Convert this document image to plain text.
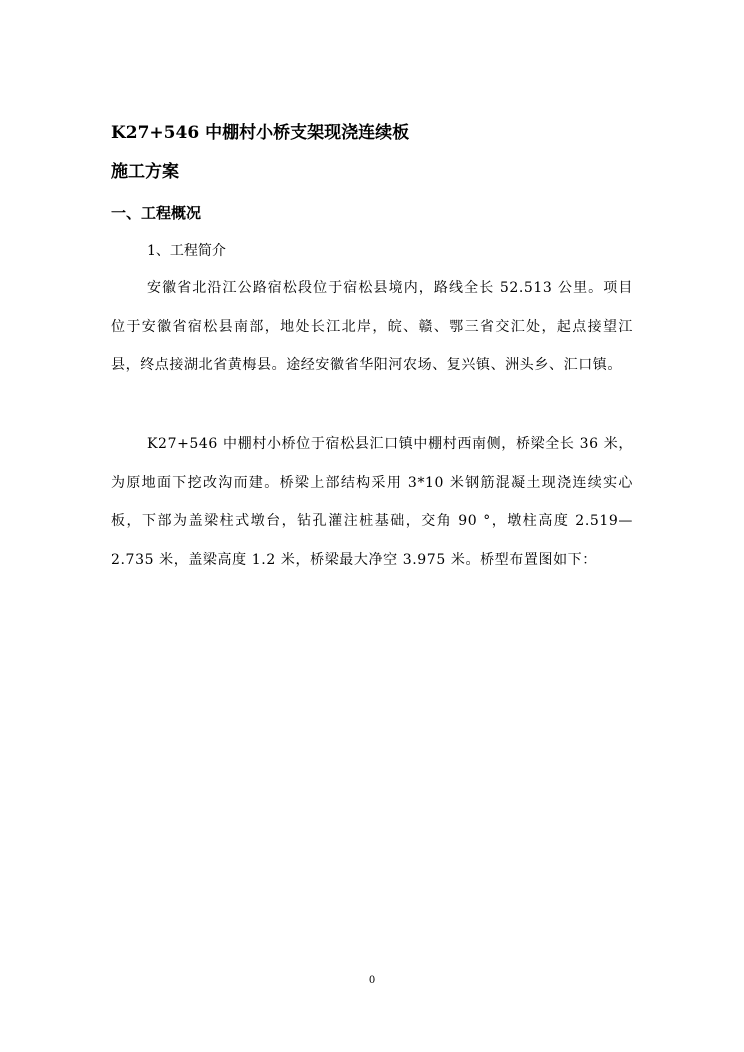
K27+546 中棚村小桥支架现浇连续板
施工方案
一、工程概况
1、工程简介

安徽省北沿江公路宿松段位于宿松县境内，路线全长 52.513 公里。项目位于安徽省宿松县南部，地处长江北岸，皖、赣、鄂三省交汇处，起点接望江县，终点接湖北省黄梅县。途经安徽省华阳河农场、复兴镇、洲头乡、汇口镇。

K27+546 中棚村小桥位于宿松县汇口镇中棚村西南侧，桥梁全长 36 米，为原地面下挖改沟而建。桥梁上部结构采用 3*10 米钢筋混凝土现浇连续实心板，下部为盖梁柱式墩台，钻孔灌注桩基础，交角 90 °，墩柱高度 2.519—2.735 米，盖梁高度 1.2 米，桥梁最大净空 3.975 米。桥型布置图如下：

0
